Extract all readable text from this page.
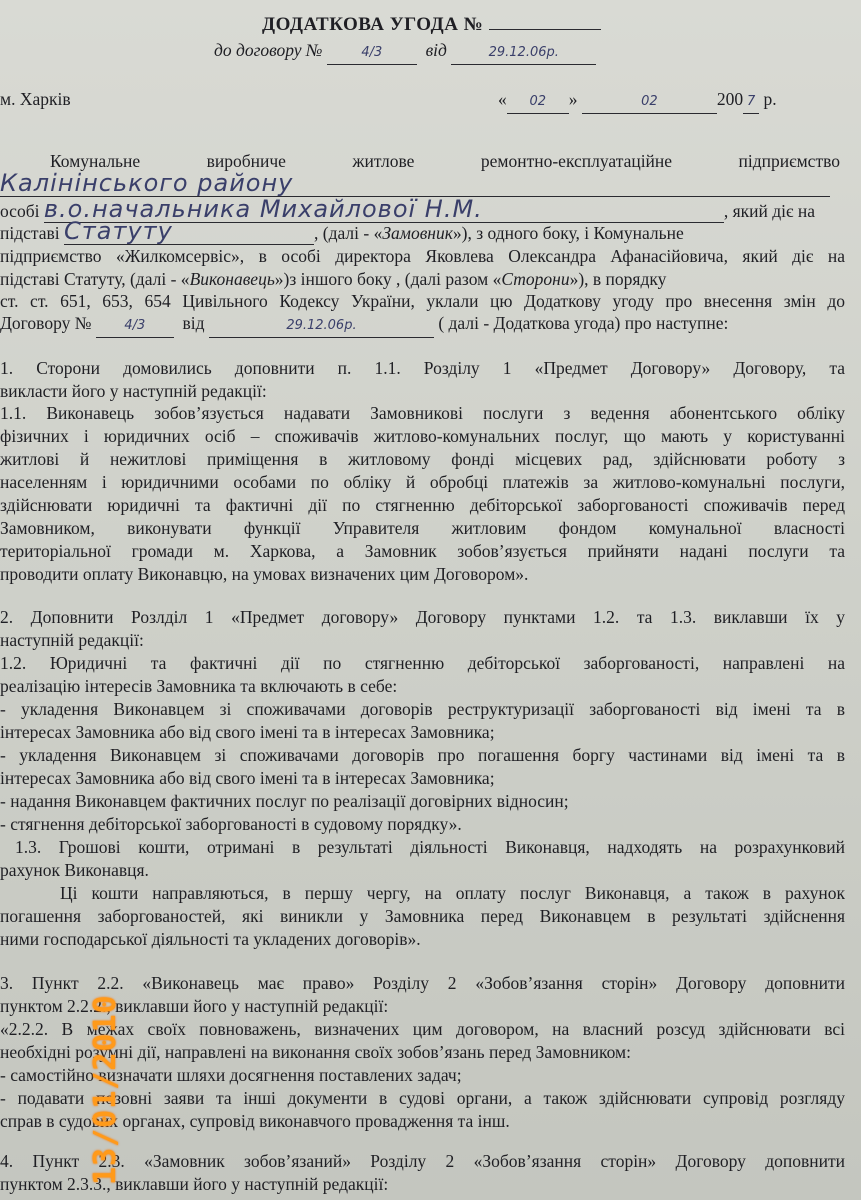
ДОДАТКОВА УГОДА №
до договору №	4/3 від	29.12.06р.
м. Харків	« 02 »	02	200 7 р.
Комунальне виробниче житлове ремонтно-експлуатаційне підприємство
Калінінського району
особі в.о.начальника Михайлової Н.М.	, який діє на
підставі Статуту	, (далі - «Замовник»), з одного боку, і Комунальне
підприємство «Жилкомсервіс», в особі директора Яковлева Олександра Афанасійовича, який діє на
підставі Статуту, (далі - «Виконавець»)з іншого боку , (далі разом «Сторони»), в порядку
ст. ст. 651, 653, 654 Цивільного Кодексу України, уклали цю Додаткову угоду про внесення змін до
Договору №	4/3 від	29.12.06р.	( далі - Додаткова угода) про наступне:
1. Сторони домовились доповнити п. 1.1. Розділу 1 «Предмет Договору» Договору, та
викласти його у наступній редакції:
1.1. Виконавець зобов’язується надавати Замовникові послуги з ведення абонентського обліку
фізичних і юридичних осіб – споживачів житлово-комунальних послуг, що мають у користуванні
житлові й нежитлові приміщення в житловому фонді місцевих рад, здійснювати роботу з
населенням і юридичними особами по обліку й обробці платежів за житлово-комунальні послуги,
здійснювати юридичні та фактичні дії по стягненню дебіторської заборгованості споживачів перед
Замовником, виконувати функції Управителя житловим фондом комунальної власності
територіальної громади м. Харкова, а Замовник зобов’язується прийняти надані послуги та
проводити оплату Виконавцю, на умовах визначених цим Договором».
2. Доповнити Розлділ 1 «Предмет договору» Договору пунктами 1.2. та 1.3. виклавши їх у
наступній редакції:
1.2. Юридичні та фактичні дії по стягненню дебіторської заборгованості, направлені на
реалізацію інтересів Замовника та включають в себе:
- укладення Виконавцем зі споживачами договорів реструктуризації заборгованості від імені та в
інтересах Замовника або від свого імені та в інтересах Замовника;
- укладення Виконавцем зі споживачами договорів про погашення боргу частинами від імені та в
інтересах Замовника або від свого імені та в інтересах Замовника;
- надання Виконавцем фактичних послуг по реалізації договірних відносин;
- стягнення дебіторської заборгованості в судовому порядку».
1.3. Грошові кошти, отримані в результаті діяльності Виконавця, надходять на розрахунковий
рахунок Виконавця.
Ці кошти направляються, в першу чергу, на оплату послуг Виконавця, а також в рахунок
погашення заборгованостей, які виникли у Замовника перед Виконавцем в результаті здійснення
ними господарської діяльності та укладених договорів».
3. Пункт 2.2. «Виконавець має право» Розділу 2 «Зобов’язання сторін» Договору доповнити
пунктом 2.2.2., виклавши його у наступній редакції:
«2.2.2. В межах своїх повноважень, визначених цим договором, на власний розсуд здійснювати всі
необхідні розумні дії, направлені на виконання своїх зобов’язань перед Замовником:
- самостійно визначати шляхи досягнення поставлених задач;
- подавати позовні заяви та інші документи в судові органи, а також здійснювати супровід розгляду
справ в судових органах, супровід виконавчого провадження та інш.
4. Пункт 2.3. «Замовник зобов’язаний» Розділу 2 «Зобов’язання сторін» Договору доповнити
пунктом 2.3.3., виклавши його у наступній редакції:
13/01/2010
